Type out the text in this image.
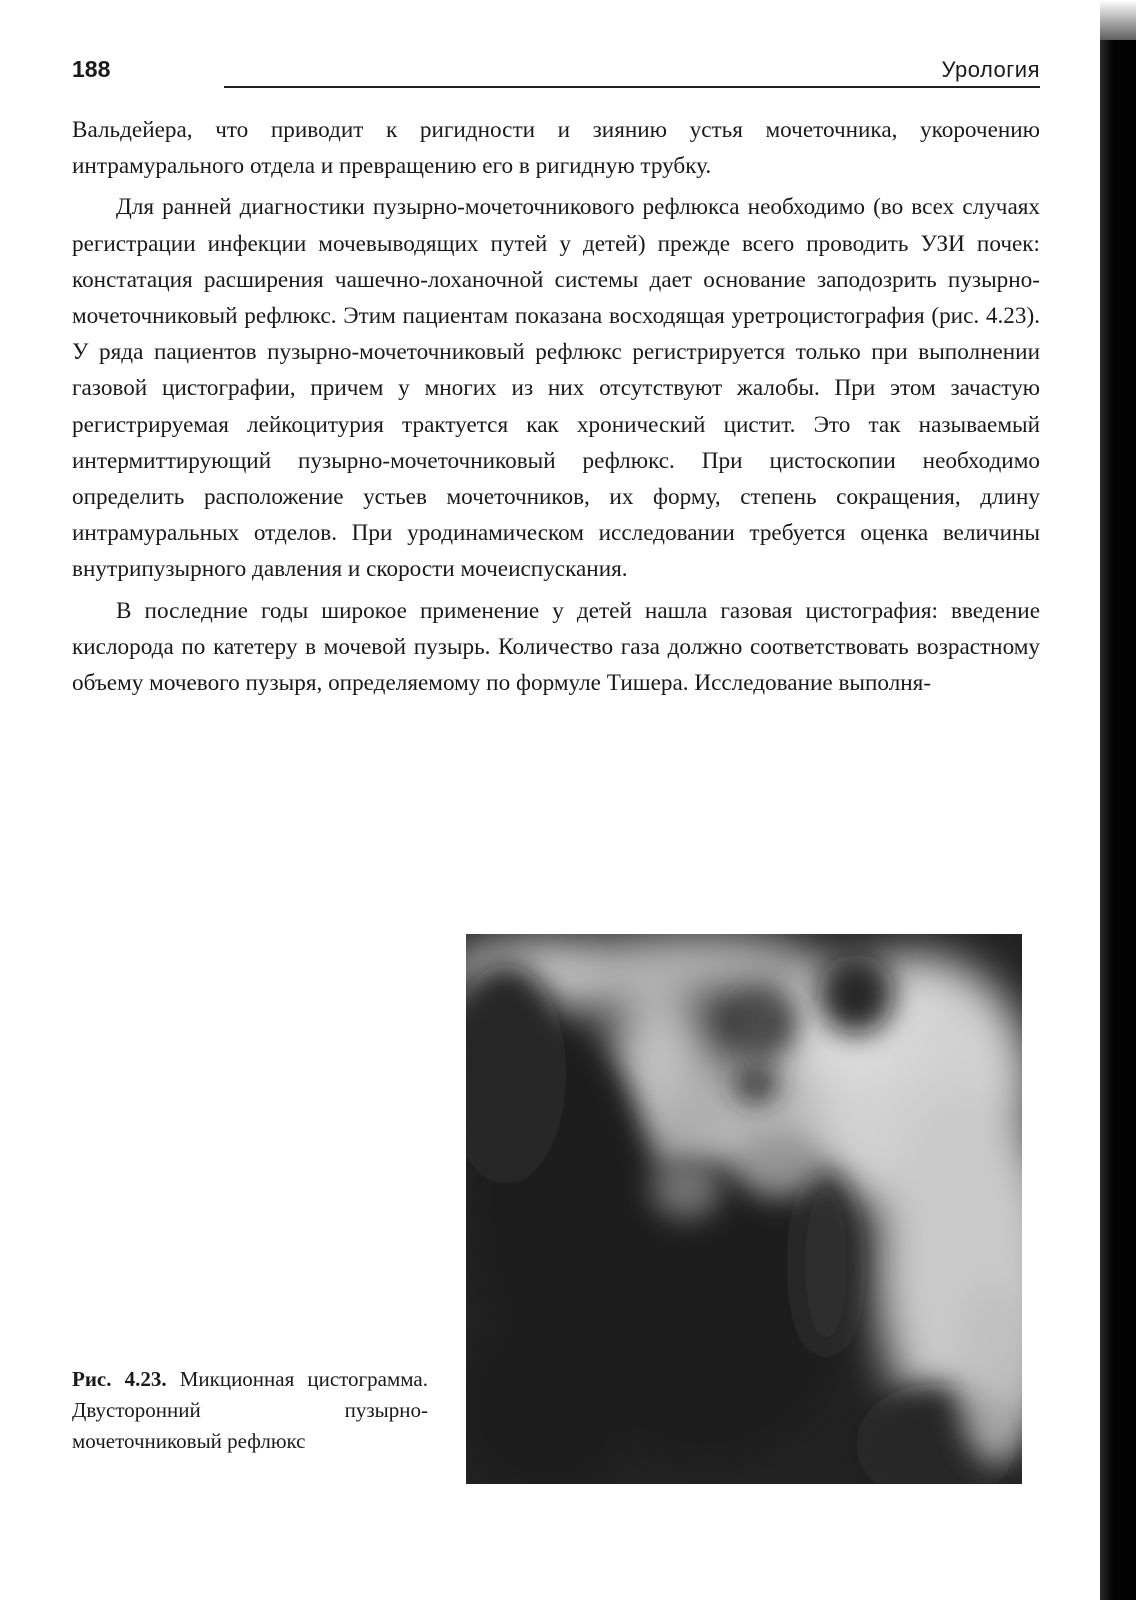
188	Урология

Вальдейера, что приводит к ригидности и зиянию устья мочеточника, укорочению интрамурального отдела и превращению его в ригидную трубку.

Для ранней диагностики пузырно-мочеточникового рефлюкса необходимо (во всех случаях регистрации инфекции мочевыводящих путей у детей) прежде всего проводить УЗИ почек: констатация расширения чашечно-лоханочной системы дает основание заподозрить пузырно-мочеточниковый рефлюкс. Этим пациентам показана восходящая уретроцистография (рис. 4.23). У ряда пациентов пузырно-мочеточниковый рефлюкс регистрируется только при выполнении газовой цистографии, причем у многих из них отсутствуют жалобы. При этом зачастую регистрируемая лейкоцитурия трактуется как хронический цистит. Это так называемый интермиттирующий пузырно-мочеточниковый рефлюкс. При цистоскопии необходимо определить расположение устьев мочеточников, их форму, степень сокращения, длину интрамуральных отделов. При уродинамическом исследовании требуется оценка величины внутрипузырного давления и скорости мочеиспускания.

В последние годы широкое применение у детей нашла газовая цистография: введение кислорода по катетеру в мочевой пузырь. Количество газа должно соответствовать возрастному объему мочевого пузыря, определяемому по формуле Тишера. Исследование выполня-

Рис. 4.23. Микционная цистограмма. Двусторонний пузырно-мочеточниковый рефлюкс
